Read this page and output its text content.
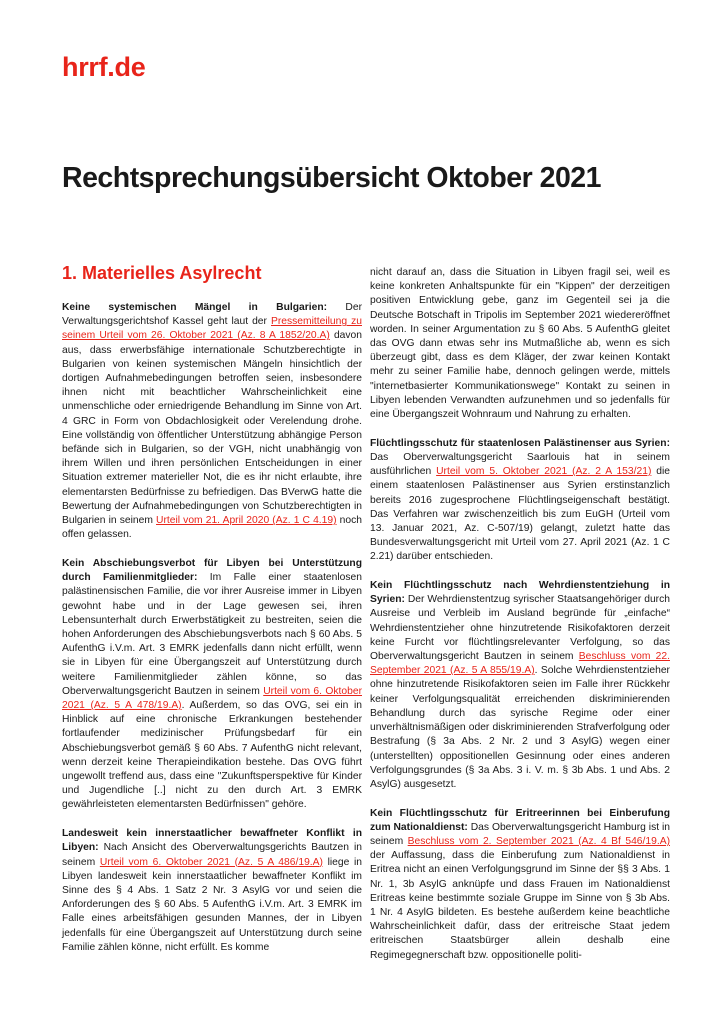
hrrf.de
Rechtsprechungsübersicht Oktober 2021
1. Materielles Asylrecht

Keine systemischen Mängel in Bulgarien: Der Verwaltungsgerichtshof Kassel geht laut der Pressemitteilung zu seinem Urteil vom 26. Oktober 2021 (Az. 8 A 1852/20.A) davon aus, dass erwerbsfähige internationale Schutzberechtigte in Bulgarien von keinen systemischen Mängeln hinsichtlich der dortigen Aufnahmebedingungen betroffen seien, insbesondere ihnen nicht mit beachtlicher Wahrscheinlichkeit eine unmenschliche oder erniedrigende Behandlung im Sinne von Art. 4 GRC in Form von Obdachlosigkeit oder Verelendung drohe. Eine vollständig von öffentlicher Unterstützung abhängige Person befände sich in Bulgarien, so der VGH, nicht unabhängig von ihrem Willen und ihren persönlichen Entscheidungen in einer Situation extremer materieller Not, die es ihr nicht erlaubte, ihre elementarsten Bedürfnisse zu befriedigen. Das BVerwG hatte die Bewertung der Aufnahmebedingungen von Schutzberechtigten in Bulgarien in seinem Urteil vom 21. April 2020 (Az. 1 C 4.19) noch offen gelassen.

Kein Abschiebungsverbot für Libyen bei Unterstützung durch Familienmitglieder: Im Falle einer staatenlosen palästinensischen Familie, die vor ihrer Ausreise immer in Libyen gewohnt habe und in der Lage gewesen sei, ihren Lebensunterhalt durch Erwerbstätigkeit zu bestreiten, seien die hohen Anforderungen des Abschiebungsverbots nach § 60 Abs. 5 AufenthG i.V.m. Art. 3 EMRK jedenfalls dann nicht erfüllt, wenn sie in Libyen für eine Übergangszeit auf Unterstützung durch weitere Familienmitglieder zählen könne, so das Oberverwaltungsgericht Bautzen in seinem Urteil vom 6. Oktober 2021 (Az. 5 A 478/19.A). Außerdem, so das OVG, sei ein in Hinblick auf eine chronische Erkrankungen bestehender fortlaufender medizinischer Prüfungsbedarf für ein Abschiebungsverbot gemäß § 60 Abs. 7 AufenthG nicht relevant, wenn derzeit keine Therapieindikation bestehe. Das OVG führt ungewollt treffend aus, dass eine "Zukunftsperspektive für Kinder und Jugendliche [..] nicht zu den durch Art. 3 EMRK gewährleisteten elementarsten Bedürfnissen" gehöre.

Landesweit kein innerstaatlicher bewaffneter Konflikt in Libyen: Nach Ansicht des Oberverwaltungsgerichts Bautzen in seinem Urteil vom 6. Oktober 2021 (Az. 5 A 486/19.A) liege in Libyen landesweit kein innerstaatlicher bewaffneter Konflikt im Sinne des § 4 Abs. 1 Satz 2 Nr. 3 AsylG vor und seien die Anforderungen des § 60 Abs. 5 AufenthG i.V.m. Art. 3 EMRK im Falle eines arbeitsfähigen gesunden Mannes, der in Libyen jedenfalls für eine Übergangszeit auf Unterstützung durch seine Familie zählen könne, nicht erfüllt. Es komme

nicht darauf an, dass die Situation in Libyen fragil sei, weil es keine konkreten Anhaltspunkte für ein "Kippen" der derzeitigen positiven Entwicklung gebe, ganz im Gegenteil sei ja die Deutsche Botschaft in Tripolis im September 2021 wiedereröffnet worden. In seiner Argumentation zu § 60 Abs. 5 AufenthG gleitet das OVG dann etwas sehr ins Mutmaßliche ab, wenn es sich überzeugt gibt, dass es dem Kläger, der zwar keinen Kontakt mehr zu seiner Familie habe, dennoch gelingen werde, mittels "internetbasierter Kommunikationswege" Kontakt zu seinen in Libyen lebenden Verwandten aufzunehmen und so jedenfalls für eine Übergangszeit Wohnraum und Nahrung zu erhalten.

Flüchtlingsschutz für staatenlosen Palästinenser aus Syrien: Das Oberverwaltungsgericht Saarlouis hat in seinem ausführlichen Urteil vom 5. Oktober 2021 (Az. 2 A 153/21) die einem staatenlosen Palästinenser aus Syrien erstinstanzlich bereits 2016 zugesprochene Flüchtlingseigenschaft bestätigt. Das Verfahren war zwischenzeitlich bis zum EuGH (Urteil vom 13. Januar 2021, Az. C-507/19) gelangt, zuletzt hatte das Bundesverwaltungsgericht mit Urteil vom 27. April 2021 (Az. 1 C 2.21) darüber entschieden.

Kein Flüchtlingsschutz nach Wehrdienstentziehung in Syrien: Der Wehrdienstentzug syrischer Staatsangehöriger durch Ausreise und Verbleib im Ausland begründe für „einfache“ Wehrdienstentzieher ohne hinzutretende Risikofaktoren derzeit keine Furcht vor flüchtlingsrelevanter Verfolgung, so das Oberverwaltungsgericht Bautzen in seinem Beschluss vom 22. September 2021 (Az. 5 A 855/19.A). Solche Wehrdienstentzieher ohne hinzutretende Risikofaktoren seien im Falle ihrer Rückkehr keiner Verfolgungsqualität erreichenden diskriminierenden Behandlung durch das syrische Regime oder einer unverhältnismäßigen oder diskriminierenden Strafverfolgung oder Bestrafung (§ 3a Abs. 2 Nr. 2 und 3 AsylG) wegen einer (unterstellten) oppositionellen Gesinnung oder eines anderen Verfolgungsgrundes (§ 3a Abs. 3 i. V. m. § 3b Abs. 1 und Abs. 2 AsylG) ausgesetzt.

Kein Flüchtlingsschutz für Eritreerinnen bei Einberufung zum Nationaldienst: Das Oberverwaltungsgericht Hamburg ist in seinem Beschluss vom 2. September 2021 (Az. 4 Bf 546/19.A) der Auffassung, dass die Einberufung zum Nationaldienst in Eritrea nicht an einen Verfolgungsgrund im Sinne der §§ 3 Abs. 1 Nr. 1, 3b AsylG anknüpfe und dass Frauen im Nationaldienst Eritreas keine bestimmte soziale Gruppe im Sinne von § 3b Abs. 1 Nr. 4 AsylG bildeten. Es bestehe außerdem keine beachtliche Wahrscheinlichkeit dafür, dass der eritreische Staat jedem eritreischen Staatsbürger allein deshalb eine Regimegegnerschaft bzw. oppositionelle politi-
